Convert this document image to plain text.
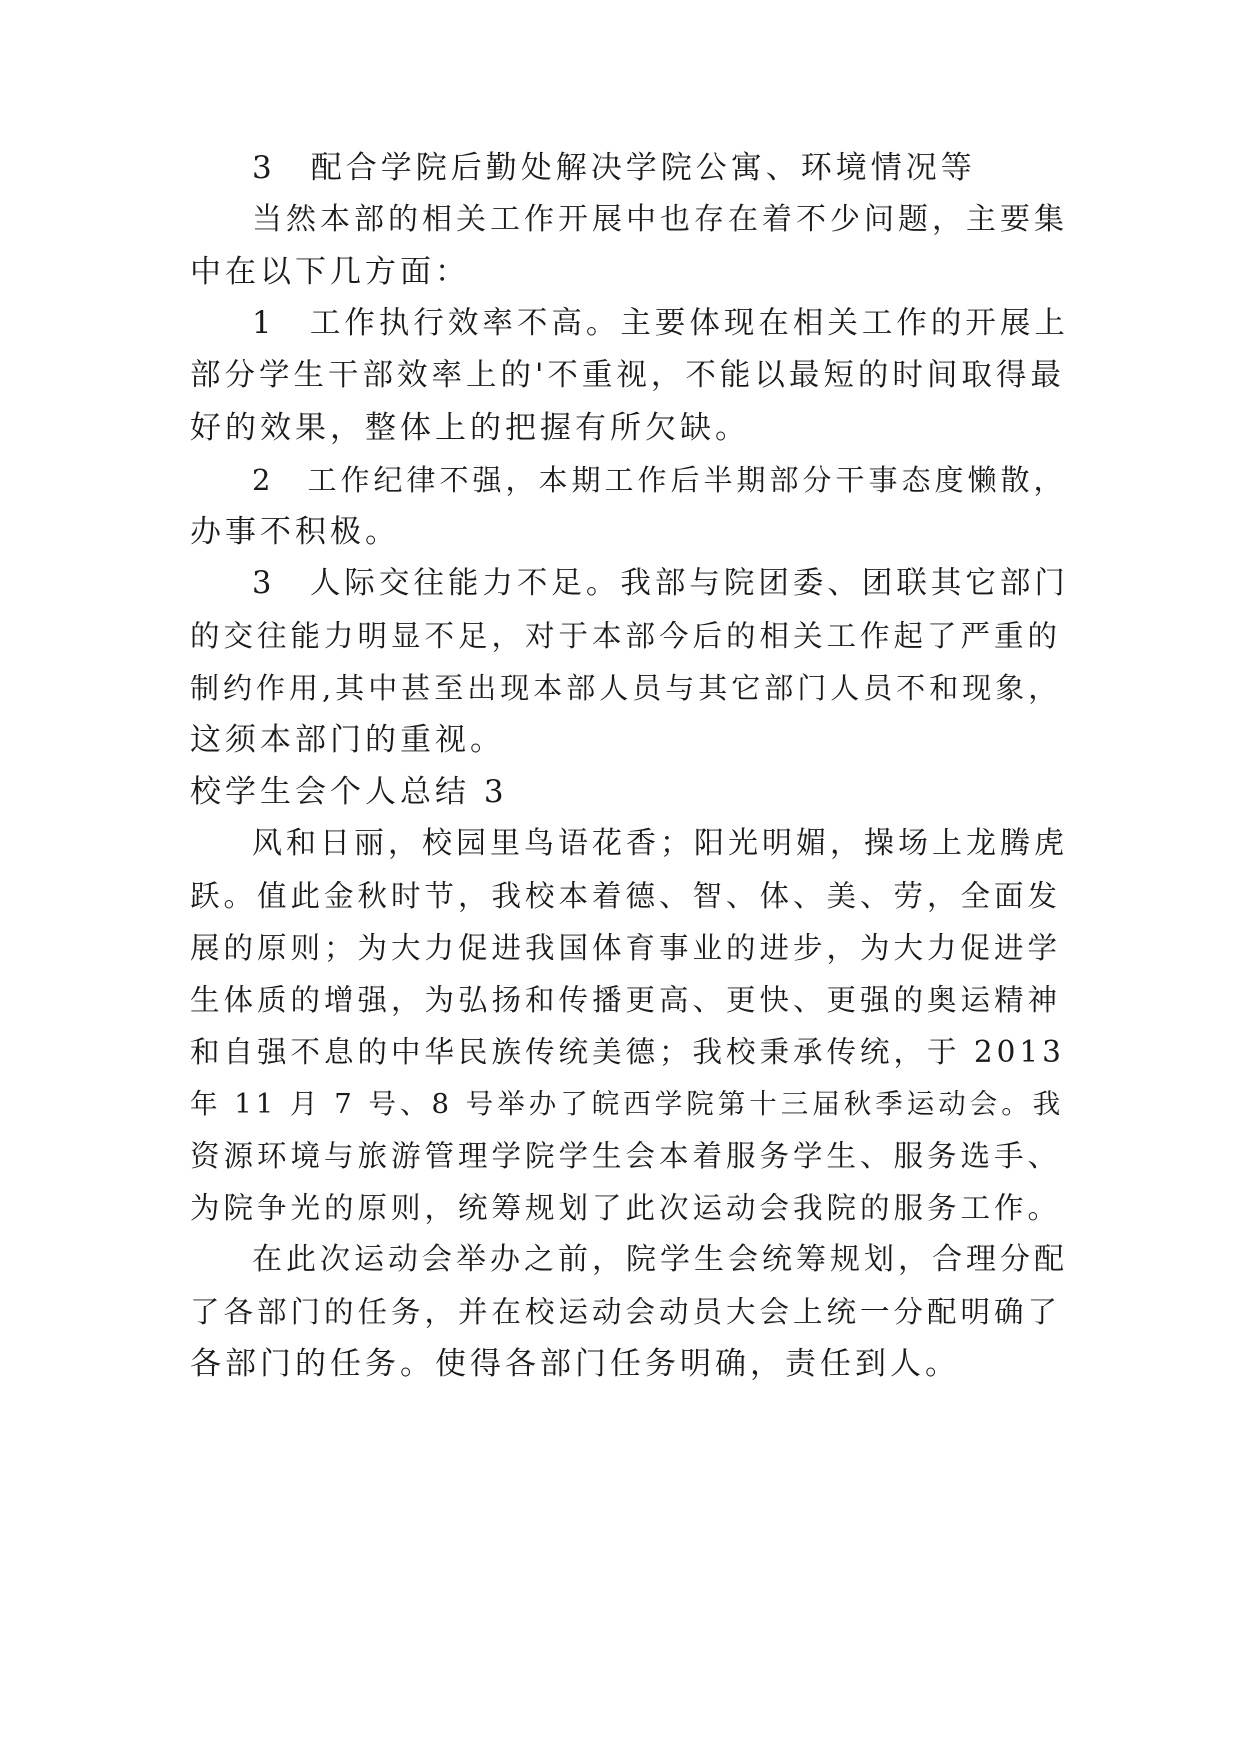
3　配合学院后勤处解决学院公寓、环境情况等
当然本部的相关工作开展中也存在着不少问题，主要集
中在以下几方面：
1　工作执行效率不高。主要体现在相关工作的开展上
部分学生干部效率上的'不重视，不能以最短的时间取得最
好的效果，整体上的把握有所欠缺。
2　工作纪律不强，本期工作后半期部分干事态度懒散，
办事不积极。
3　人际交往能力不足。我部与院团委、团联其它部门
的交往能力明显不足，对于本部今后的相关工作起了严重的
制约作用,其中甚至出现本部人员与其它部门人员不和现象，
这须本部门的重视。
校学生会个人总结 3
风和日丽，校园里鸟语花香；阳光明媚，操场上龙腾虎
跃。值此金秋时节，我校本着德、智、体、美、劳，全面发
展的原则；为大力促进我国体育事业的进步，为大力促进学
生体质的增强，为弘扬和传播更高、更快、更强的奥运精神
和自强不息的中华民族传统美德；我校秉承传统，于 2013
年 11 月 7 号、8 号举办了皖西学院第十三届秋季运动会。我
资源环境与旅游管理学院学生会本着服务学生、服务选手、
为院争光的原则，统筹规划了此次运动会我院的服务工作。
在此次运动会举办之前，院学生会统筹规划，合理分配
了各部门的任务，并在校运动会动员大会上统一分配明确了
各部门的任务。使得各部门任务明确，责任到人。
